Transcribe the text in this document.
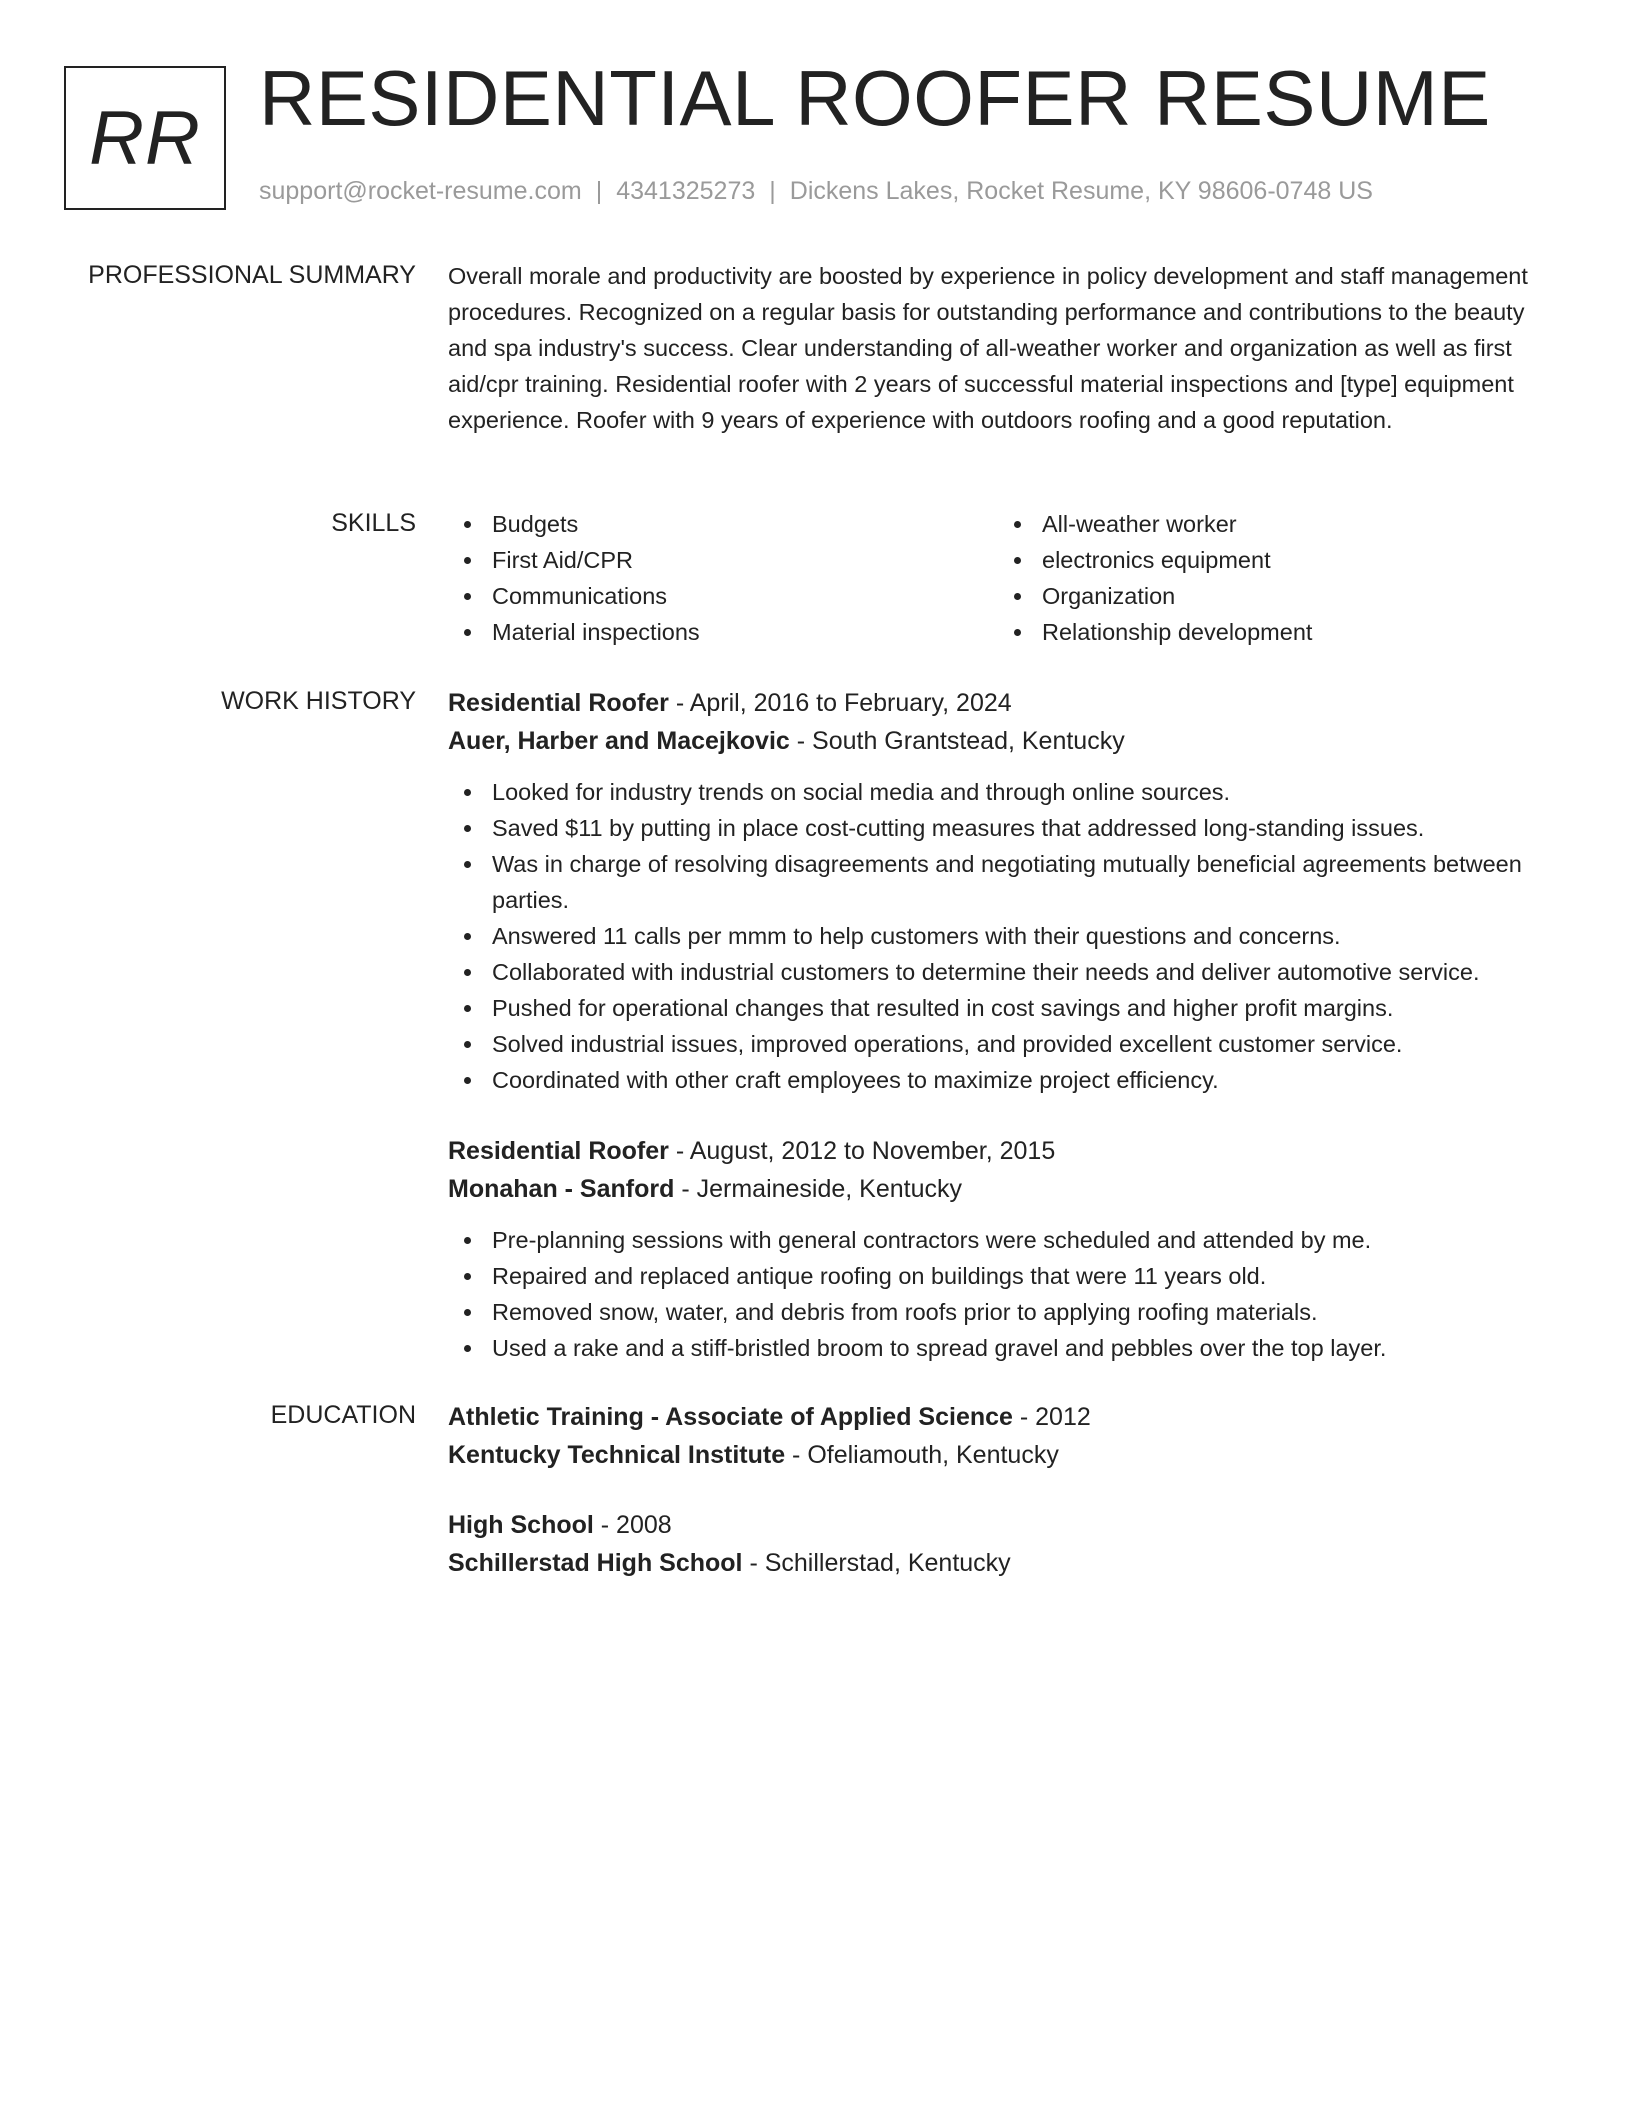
RR RESIDENTIAL ROOFER RESUME
support@rocket-resume.com | 4341325273 | Dickens Lakes, Rocket Resume, KY 98606-0748 US
PROFESSIONAL SUMMARY Overall morale and productivity are boosted by experience in policy development and staff management procedures. Recognized on a regular basis for outstanding performance and contributions to the beauty and spa industry's success. Clear understanding of all-weather worker and organization as well as first aid/cpr training. Residential roofer with 2 years of successful material inspections and [type] equipment experience. Roofer with 9 years of experience with outdoors roofing and a good reputation.

SKILLS	Budgets
First Aid/CPR
Communications
Material inspections
All-weather worker
electronics equipment
Organization
Relationship development
WORK HISTORY Residential Roofer - April, 2016 to February, 2024
Auer, Harber and Macejkovic - South Grantstead, Kentucky
Looked for industry trends on social media and through online sources.
Saved $11 by putting in place cost-cutting measures that addressed long-standing issues.
Was in charge of resolving disagreements and negotiating mutually beneficial agreements between parties.
Answered 11 calls per mmm to help customers with their questions and concerns.
Collaborated with industrial customers to determine their needs and deliver automotive service.
Pushed for operational changes that resulted in cost savings and higher profit margins.
Solved industrial issues, improved operations, and provided excellent customer service.
Coordinated with other craft employees to maximize project efficiency.
Residential Roofer - August, 2012 to November, 2015
Monahan - Sanford - Jermaineside, Kentucky
Pre-planning sessions with general contractors were scheduled and attended by me.
Repaired and replaced antique roofing on buildings that were 11 years old.
Removed snow, water, and debris from roofs prior to applying roofing materials.
Used a rake and a stiff-bristled broom to spread gravel and pebbles over the top layer.
EDUCATION Athletic Training - Associate of Applied Science - 2012
Kentucky Technical Institute - Ofeliamouth, Kentucky
High School - 2008
Schillerstad High School - Schillerstad, Kentucky
